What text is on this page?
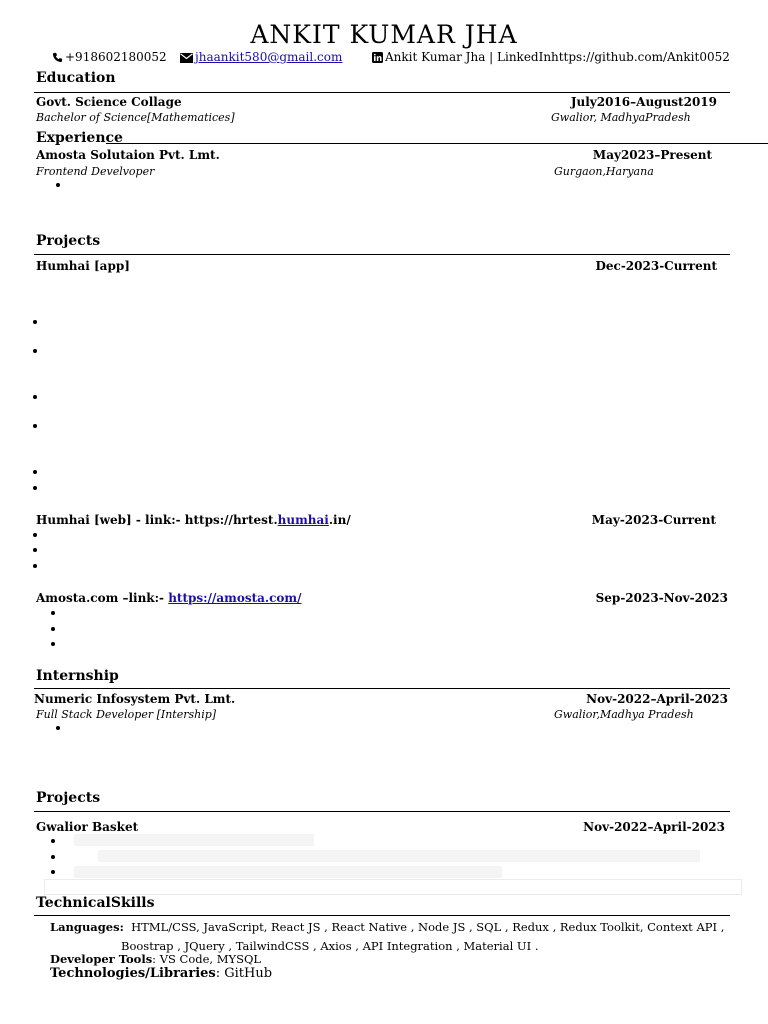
ANKIT KUMAR JHA
+918602180052	jhaankit580@gmail.com	Ankit Kumar Jha | LinkedIn https://github.com/Ankit0052
Education
Govt. Science Collage	July2016–August2019
Bachelor of Science[Mathematices]	Gwalior, MadhyaPradesh
Experience
Amosta Solutaion Pvt. Lmt.	May2023–Present
Frontend Develvoper	Gurgaon,Haryana
Projects
Humhai [app]	Dec-2023-Current
Humhai [web] - link:- https://hrtest.humhai.in/	May-2023-Current
Amosta.com –link:- https://amosta.com/	Sep-2023-Nov-2023
Internship
Numeric Infosystem Pvt. Lmt.	Nov-2022–April-2023
Full Stack Developer [Intership]	Gwalior,Madhya Pradesh
Projects
Gwalior Basket	Nov-2022–April-2023
TechnicalSkills
Languages: HTML/CSS, JavaScript, React JS , React Native , Node JS , SQL , Redux , Redux Toolkit, Context API ,
Boostrap , JQuery , TailwindCSS , Axios , API Integration , Material UI .
Developer Tools: VS Code, MYSQL
Technologies/Libraries: GitHub
